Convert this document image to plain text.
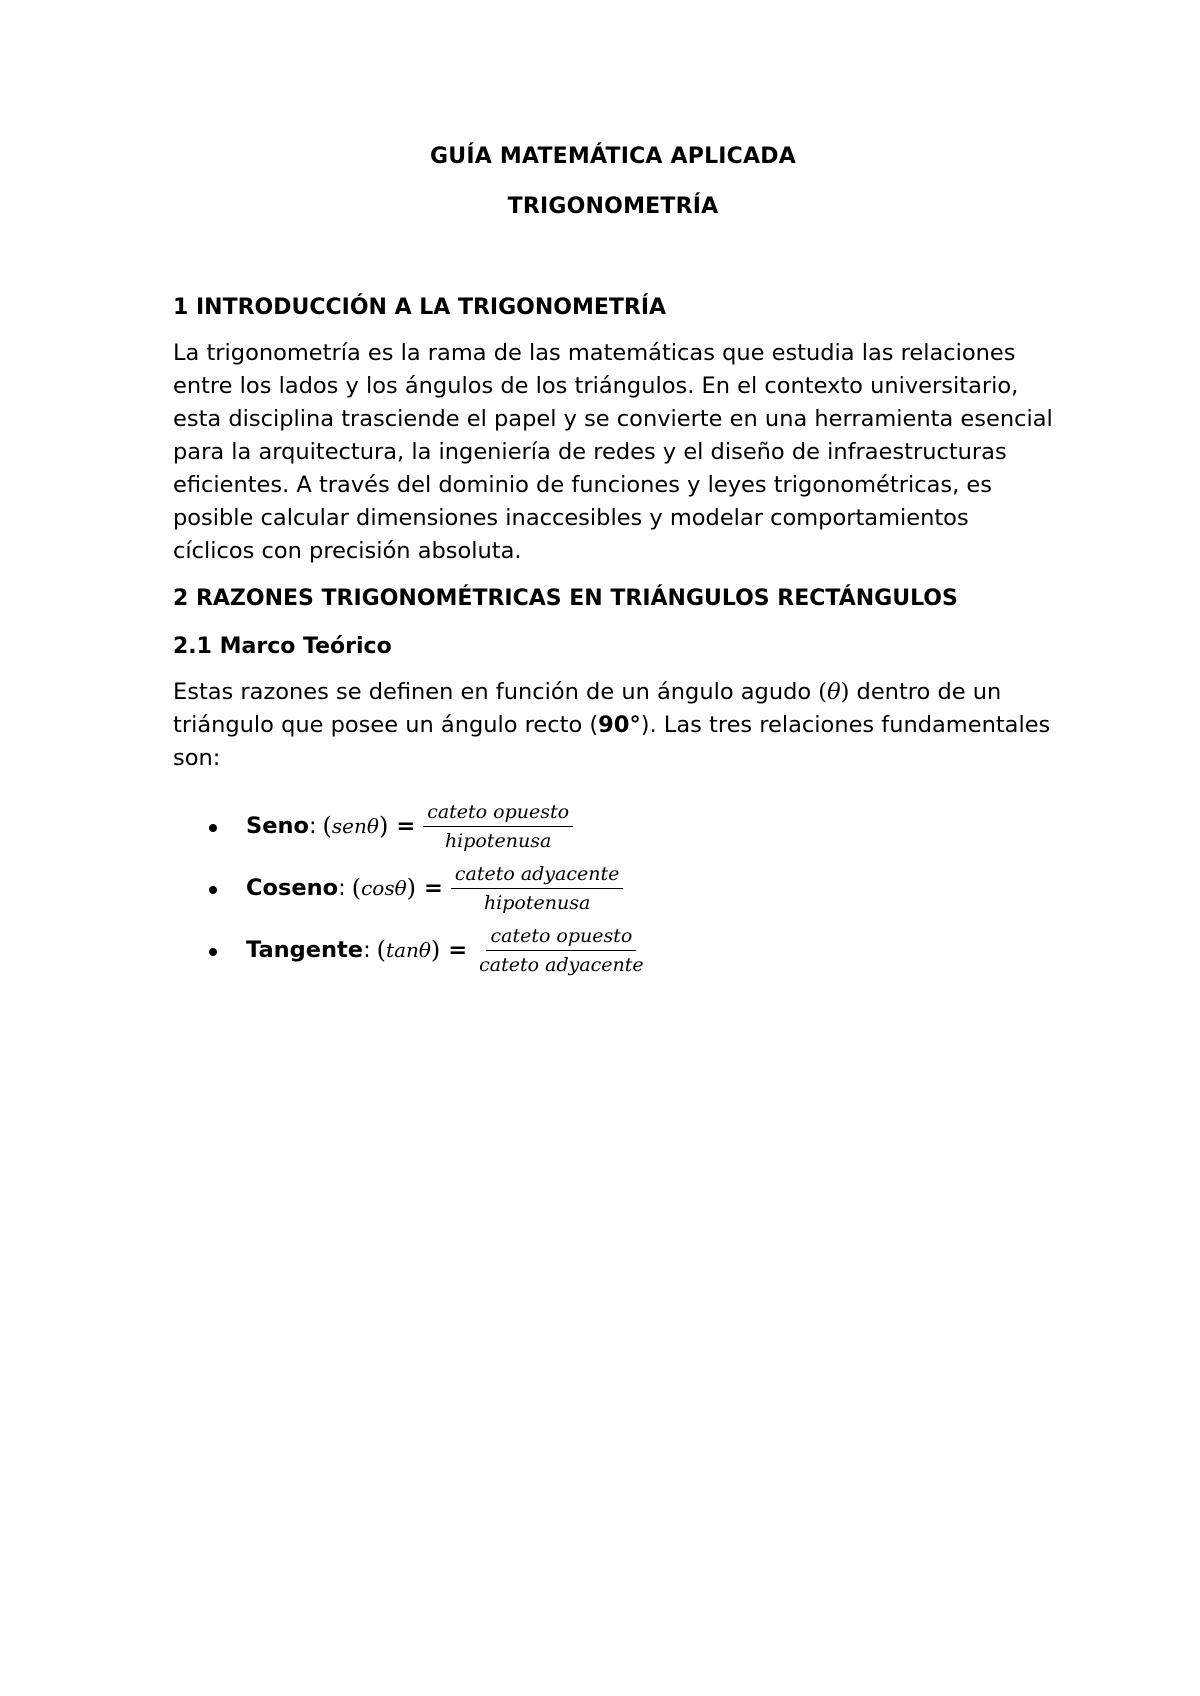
GUÍA MATEMÁTICA APLICADA

TRIGONOMETRÍA

1 INTRODUCCIÓN A LA TRIGONOMETRÍA

La trigonometría es la rama de las matemáticas que estudia las relaciones entre los lados y los ángulos de los triángulos. En el contexto universitario, esta disciplina trasciende el papel y se convierte en una herramienta esencial para la arquitectura, la ingeniería de redes y el diseño de infraestructuras eficientes. A través del dominio de funciones y leyes trigonométricas, es posible calcular dimensiones inaccesibles y modelar comportamientos cíclicos con precisión absoluta.

2 RAZONES TRIGONOMÉTRICAS EN TRIÁNGULOS RECTÁNGULOS
2.1 Marco Teórico

Estas razones se definen en función de un ángulo agudo (θ) dentro de un triángulo que posee un ángulo recto (90°). Las tres relaciones fundamentales son:

Seno : ( senθ ) = $\frac{\text{cateto opuesto}}{\text{hipotenusa}}$
Coseno : ( cosθ ) = $\frac{\text{cateto adyacente}}{\text{hipotenusa}}$
Tangente : ( tanθ ) = $\frac{\text{cateto opuesto}}{\text{cateto adyacente}}$
